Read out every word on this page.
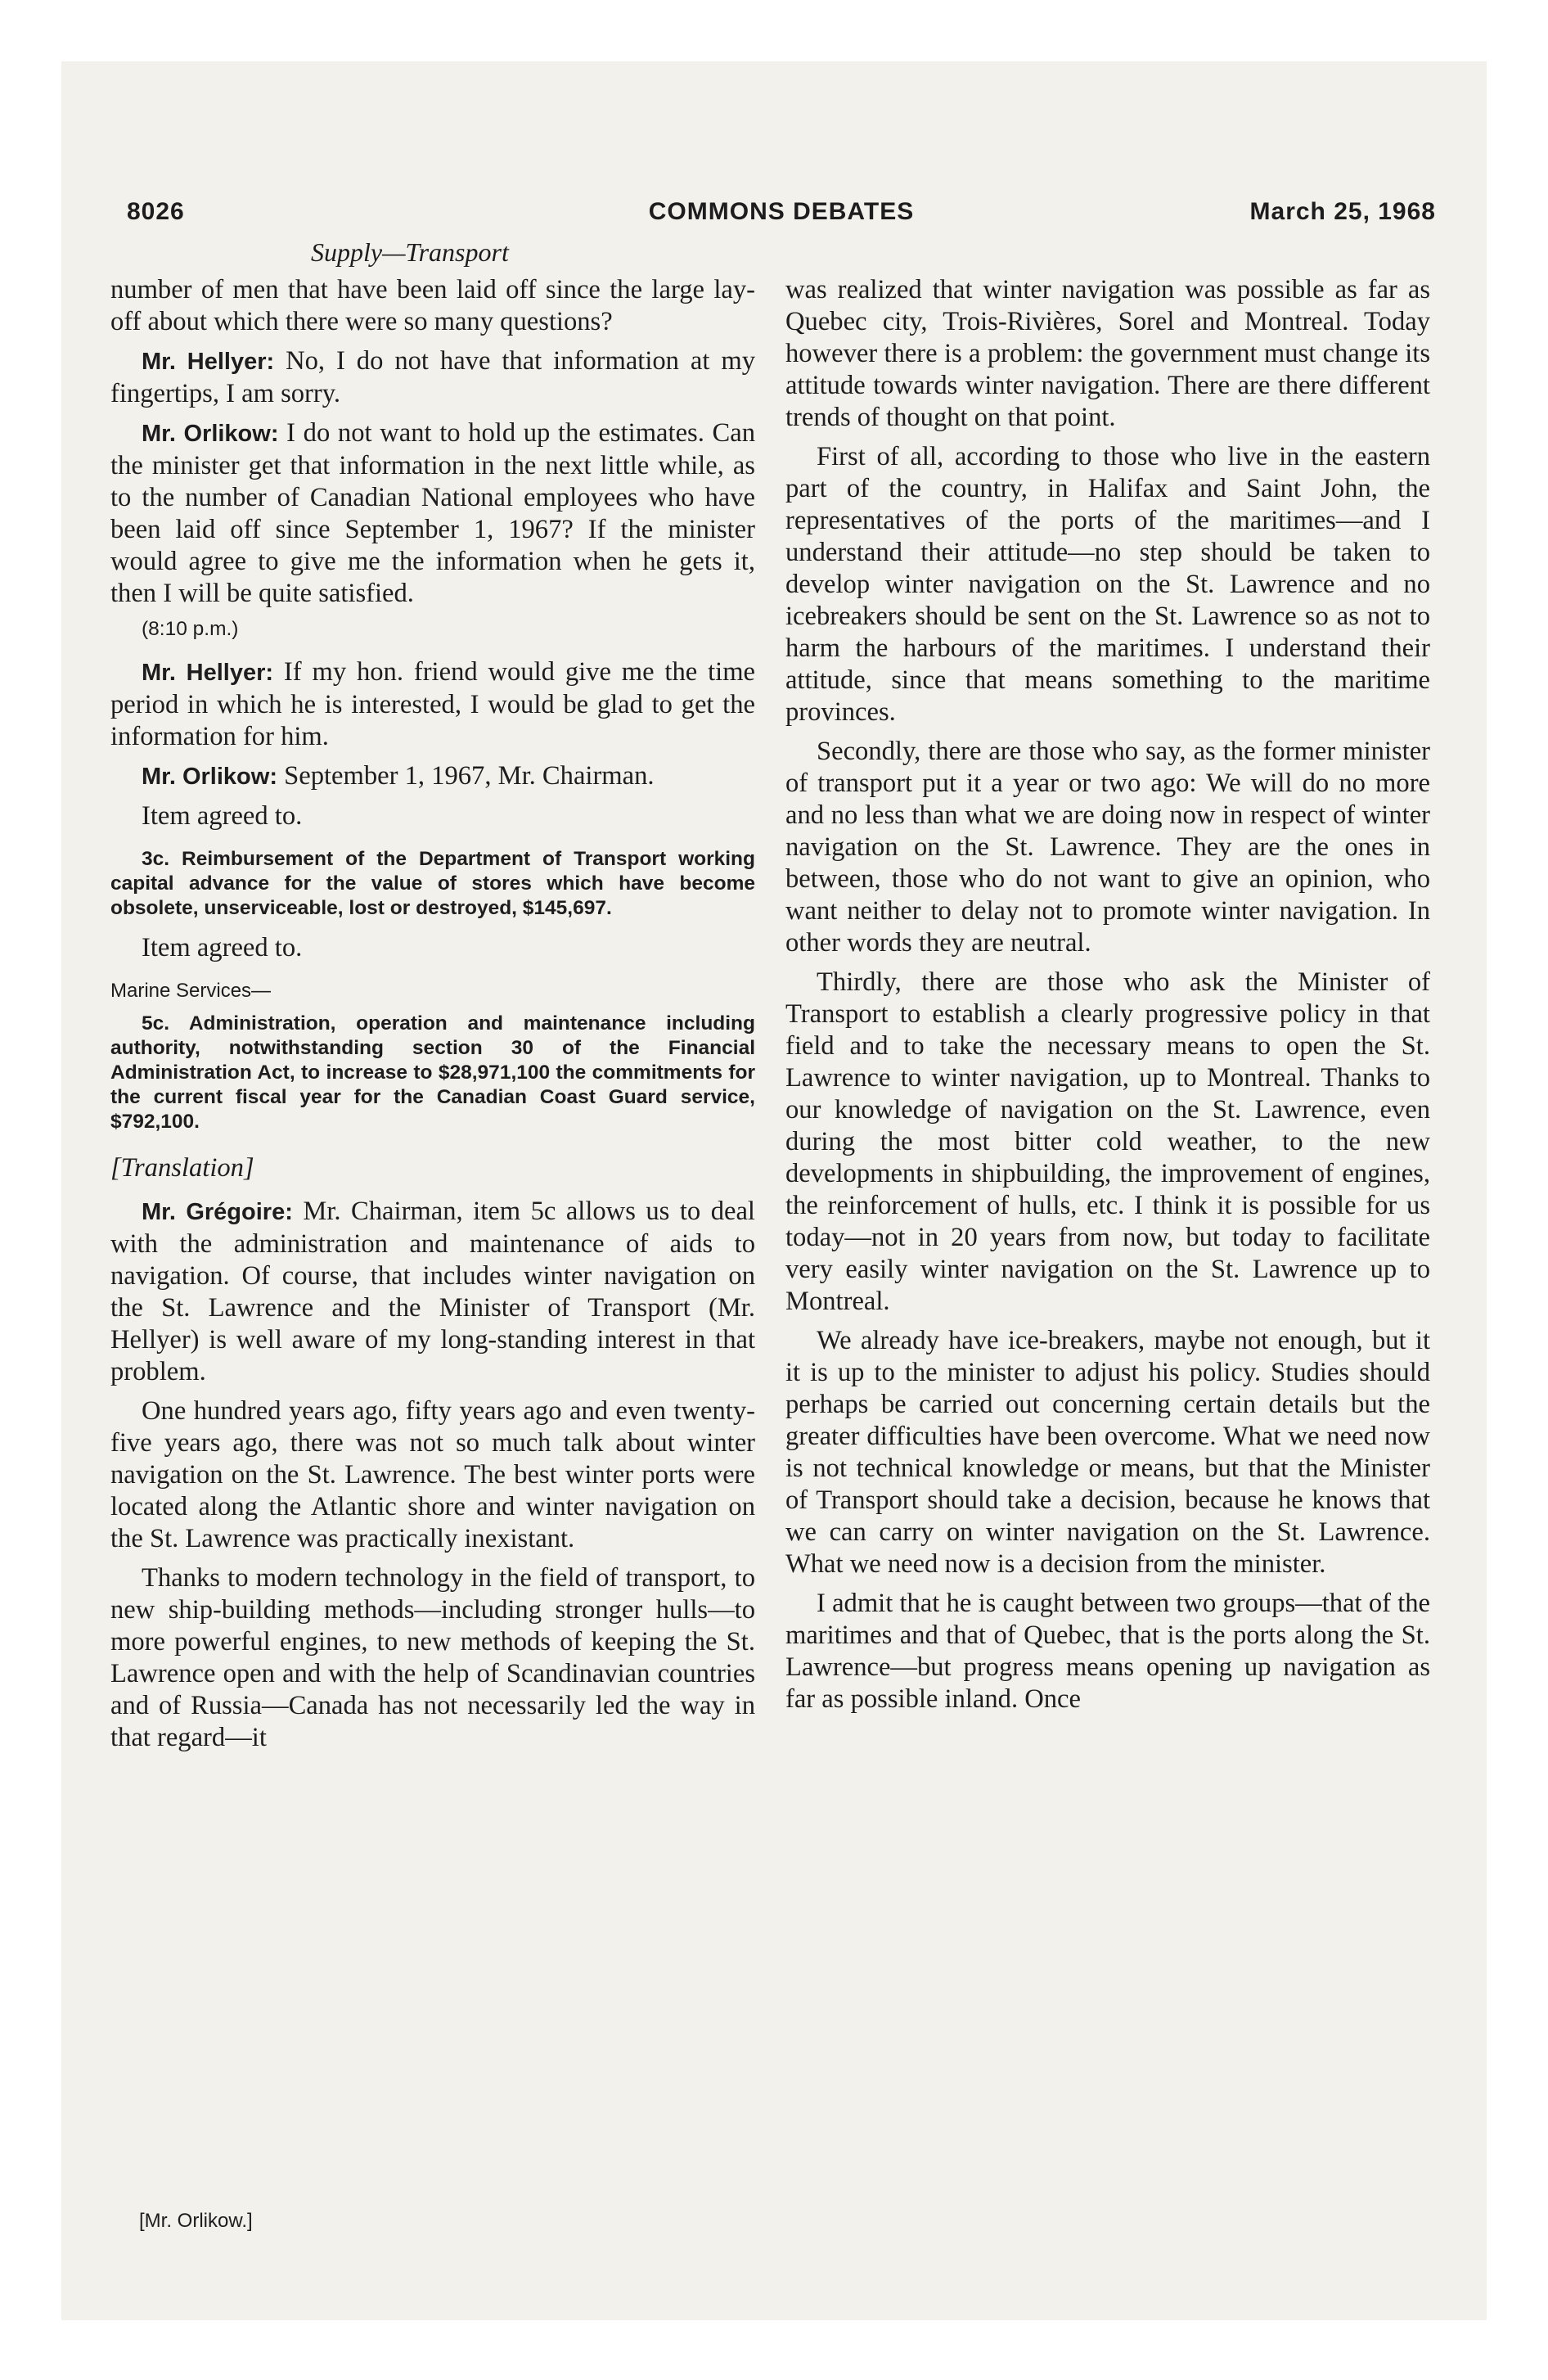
8026	COMMONS DEBATES	March 25, 1968
Supply—Transport

number of men that have been laid off since the large lay-off about which there were so many questions?

Mr. Hellyer: No, I do not have that information at my fingertips, I am sorry.

Mr. Orlikow: I do not want to hold up the estimates. Can the minister get that information in the next little while, as to the number of Canadian National employees who have been laid off since September 1, 1967? If the minister would agree to give me the information when he gets it, then I will be quite satisfied.

(8:10 p.m.)

Mr. Hellyer: If my hon. friend would give me the time period in which he is interested, I would be glad to get the information for him.

Mr. Orlikow: September 1, 1967, Mr. Chairman.

Item agreed to.

3c. Reimbursement of the Department of Transport working capital advance for the value of stores which have become obsolete, unserviceable, lost or destroyed, $145,697.

Item agreed to.

Marine Services—

5c. Administration, operation and maintenance including authority, notwithstanding section 30 of the Financial Administration Act, to increase to $28,971,100 the commitments for the current fiscal year for the Canadian Coast Guard service, $792,100.

[Translation]

Mr. Grégoire: Mr. Chairman, item 5c allows us to deal with the administration and maintenance of aids to navigation. Of course, that includes winter navigation on the St. Lawrence and the Minister of Transport (Mr. Hellyer) is well aware of my long-standing interest in that problem.

One hundred years ago, fifty years ago and even twenty-five years ago, there was not so much talk about winter navigation on the St. Lawrence. The best winter ports were located along the Atlantic shore and winter navigation on the St. Lawrence was practically inexistant.

Thanks to modern technology in the field of transport, to new ship-building methods—including stronger hulls—to more powerful engines, to new methods of keeping the St. Lawrence open and with the help of Scandinavian countries and of Russia—Canada has not necessarily led the way in that regard—it

[Mr. Orlikow.]

was realized that winter navigation was possible as far as Quebec city, Trois-Rivières, Sorel and Montreal. Today however there is a problem: the government must change its attitude towards winter navigation. There are there different trends of thought on that point.

First of all, according to those who live in the eastern part of the country, in Halifax and Saint John, the representatives of the ports of the maritimes—and I understand their attitude—no step should be taken to develop winter navigation on the St. Lawrence and no icebreakers should be sent on the St. Lawrence so as not to harm the harbours of the maritimes. I understand their attitude, since that means something to the maritime provinces.

Secondly, there are those who say, as the former minister of transport put it a year or two ago: We will do no more and no less than what we are doing now in respect of winter navigation on the St. Lawrence. They are the ones in between, those who do not want to give an opinion, who want neither to delay not to promote winter navigation. In other words they are neutral.

Thirdly, there are those who ask the Minister of Transport to establish a clearly progressive policy in that field and to take the necessary means to open the St. Lawrence to winter navigation, up to Montreal. Thanks to our knowledge of navigation on the St. Lawrence, even during the most bitter cold weather, to the new developments in shipbuilding, the improvement of engines, the reinforcement of hulls, etc. I think it is possible for us today—not in 20 years from now, but today to facilitate very easily winter navigation on the St. Lawrence up to Montreal.

We already have ice-breakers, maybe not enough, but it it is up to the minister to adjust his policy. Studies should perhaps be carried out concerning certain details but the greater difficulties have been overcome. What we need now is not technical knowledge or means, but that the Minister of Transport should take a decision, because he knows that we can carry on winter navigation on the St. Lawrence. What we need now is a decision from the minister.

I admit that he is caught between two groups—that of the maritimes and that of Quebec, that is the ports along the St. Lawrence—but progress means opening up navigation as far as possible inland. Once
